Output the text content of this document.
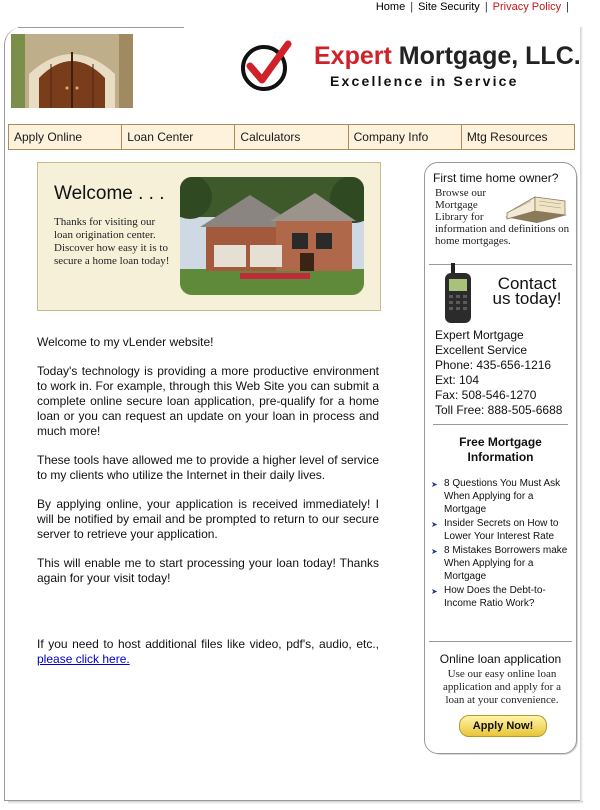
Home | Site Security | Privacy Policy |
Expert Mortgage, LLC.
Excellence in Service
Apply Online	Loan Center	Calculators	Company Info	Mtg Resources
Welcome . . .

Thanks for visiting our loan origination center. Discover how easy it is to secure a home loan today!

Welcome to my vLender website!

Today's technology is providing a more productive environment to work in. For example, through this Web Site you can submit a complete online secure loan application, pre-qualify for a home loan or you can request an update on your loan in process and much more!

These tools have allowed me to provide a higher level of service to my clients who utilize the Internet in their daily lives.

By applying online, your application is received immediately! I will be notified by email and be prompted to return to our secure server to retrieve your application.

This will enable me to start processing your loan today! Thanks again for your visit today!

If you need to host additional files like video, pdf's, audio, etc., please click here.
First time home owner?
Browse our Mortgage Library for
information and definitions on home mortgages.
Contact us today!
Expert Mortgage
Excellent Service
Phone: 435-656-1216
Ext: 104
Fax: 508-546-1270
Toll Free: 888-505-6688
Free Mortgage Information
➤ 8 Questions You Must Ask When Applying for a Mortgage
➤ Insider Secrets on How to Lower Your Interest Rate
➤ 8 Mistakes Borrowers make When Applying for a Mortgage
➤ How Does the Debt-to-Income Ratio Work?
Online loan application
Use our easy online loan application and apply for a loan at your convenience.
Apply Now!
